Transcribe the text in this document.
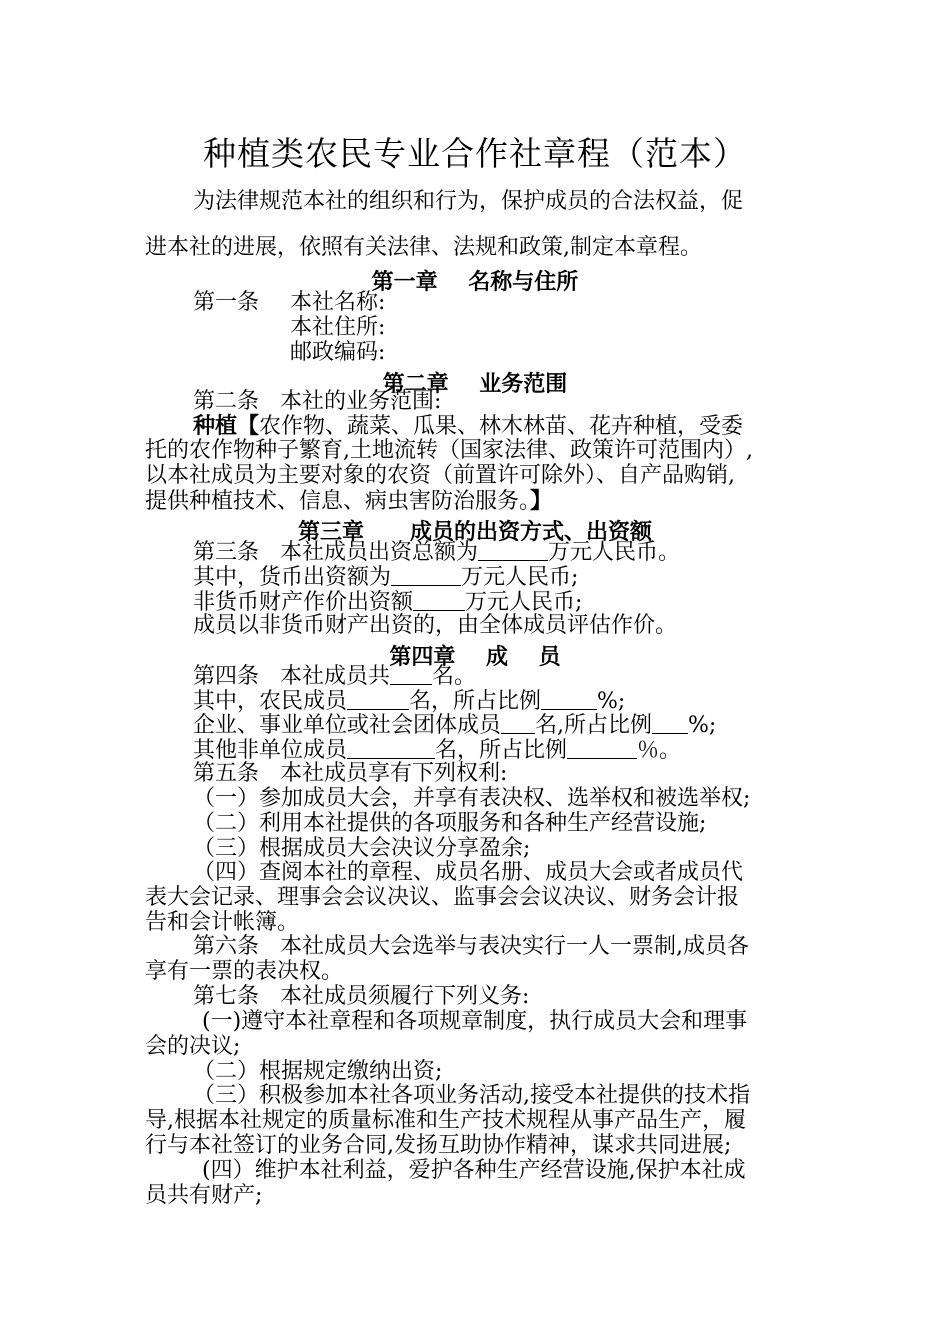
种植类农民专业合作社章程（范本）
为法律规范本社的组织和行为，保护成员的合法权益，促
进本社的进展，依照有关法律、法规和政策,制定本章程。
第一章    名称与住所
第一条 本社名称:
本社住所:
邮政编码:
第二章    业务范围
第二条   本社的业务范围:
种植【农作物、蔬菜、瓜果、林木林苗、花卉种植，受委
托的农作物种子繁育,土地流转（国家法律、政策许可范围内）,
以本社成员为主要对象的农资（前置许可除外）、自产品购销,
提供种植技术、信息、病虫害防治服务。】
第三章      成员的出资方式、出资额
第三条   本社成员出资总额为	万元人民币。
其中，货币出资额为	万元人民币;
非货币财产作价出资额 万元人民币;
成员以非货币财产出资的，由全体成员评估作价。
第四章    成    员
第四条   本社成员共 名。
其中，农民成员	名，所占比例	%;
企业、事业单位或社会团体成员 名,所占比例 %;
其他非单位成员	名，所占比例	％。
第五条   本社成员享有下列权利:
（一）参加成员大会，并享有表决权、选举权和被选举权;
（二）利用本社提供的各项服务和各种生产经营设施;
（三）根据成员大会决议分享盈余;
（四）查阅本社的章程、成员名册、成员大会或者成员代
表大会记录、理事会会议决议、监事会会议决议、财务会计报
告和会计帐簿。
第六条   本社成员大会选举与表决实行一人一票制,成员各
享有一票的表决权。
第七条   本社成员须履行下列义务:
(一)遵守本社章程和各项规章制度，执行成员大会和理事
会的决议;
（二）根据规定缴纳出资;
（三）积极参加本社各项业务活动,接受本社提供的技术指
导,根据本社规定的质量标准和生产技术规程从事产品生产，履
行与本社签订的业务合同,发扬互助协作精神，谋求共同进展;
(四）维护本社利益，爱护各种生产经营设施,保护本社成
员共有财产;
